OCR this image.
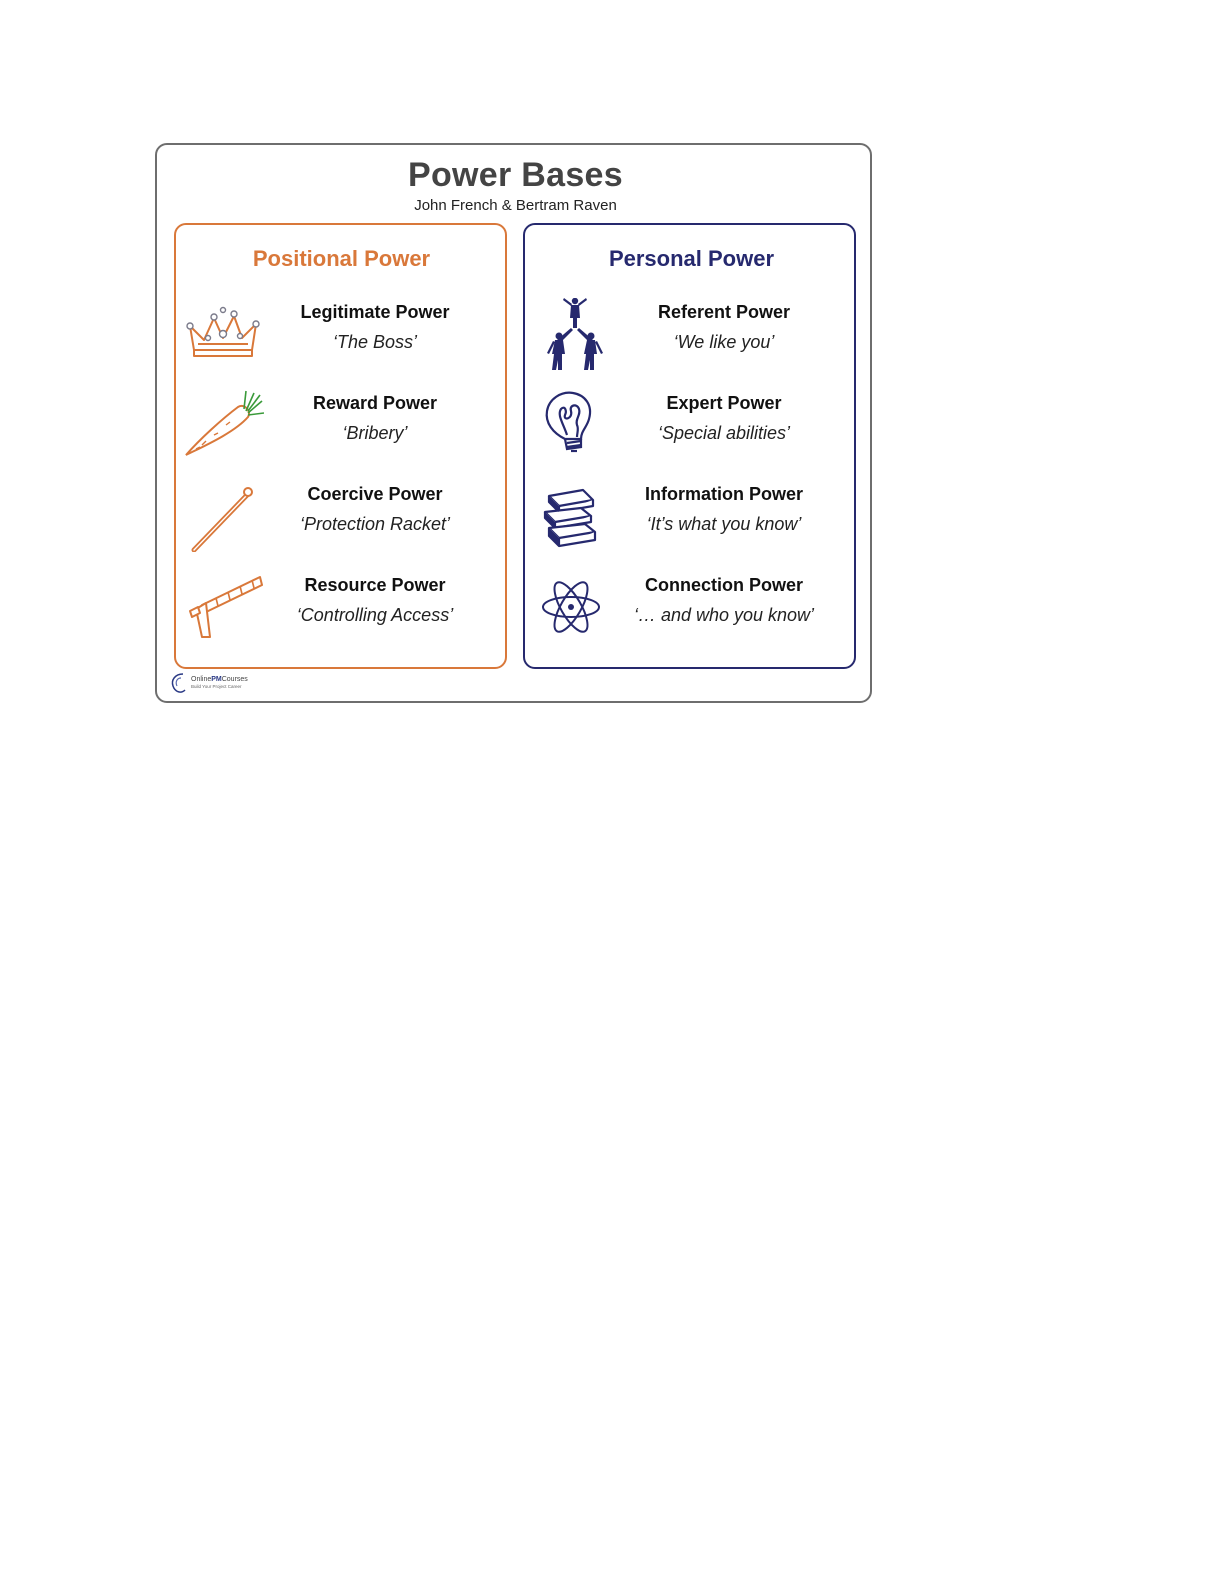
Power Bases
John French & Bertram Raven
Positional Power
Legitimate Power
‘The Boss’
Reward Power
‘Bribery’
Coercive Power
‘Protection Racket’
Resource Power
‘Controlling Access’
Personal Power
Referent Power
‘We like you’
Expert Power
‘Special abilities’
Information Power
‘It’s what you know’
Connection Power
‘… and who you know’
OnlinePMCourses
Build Your Project Career
